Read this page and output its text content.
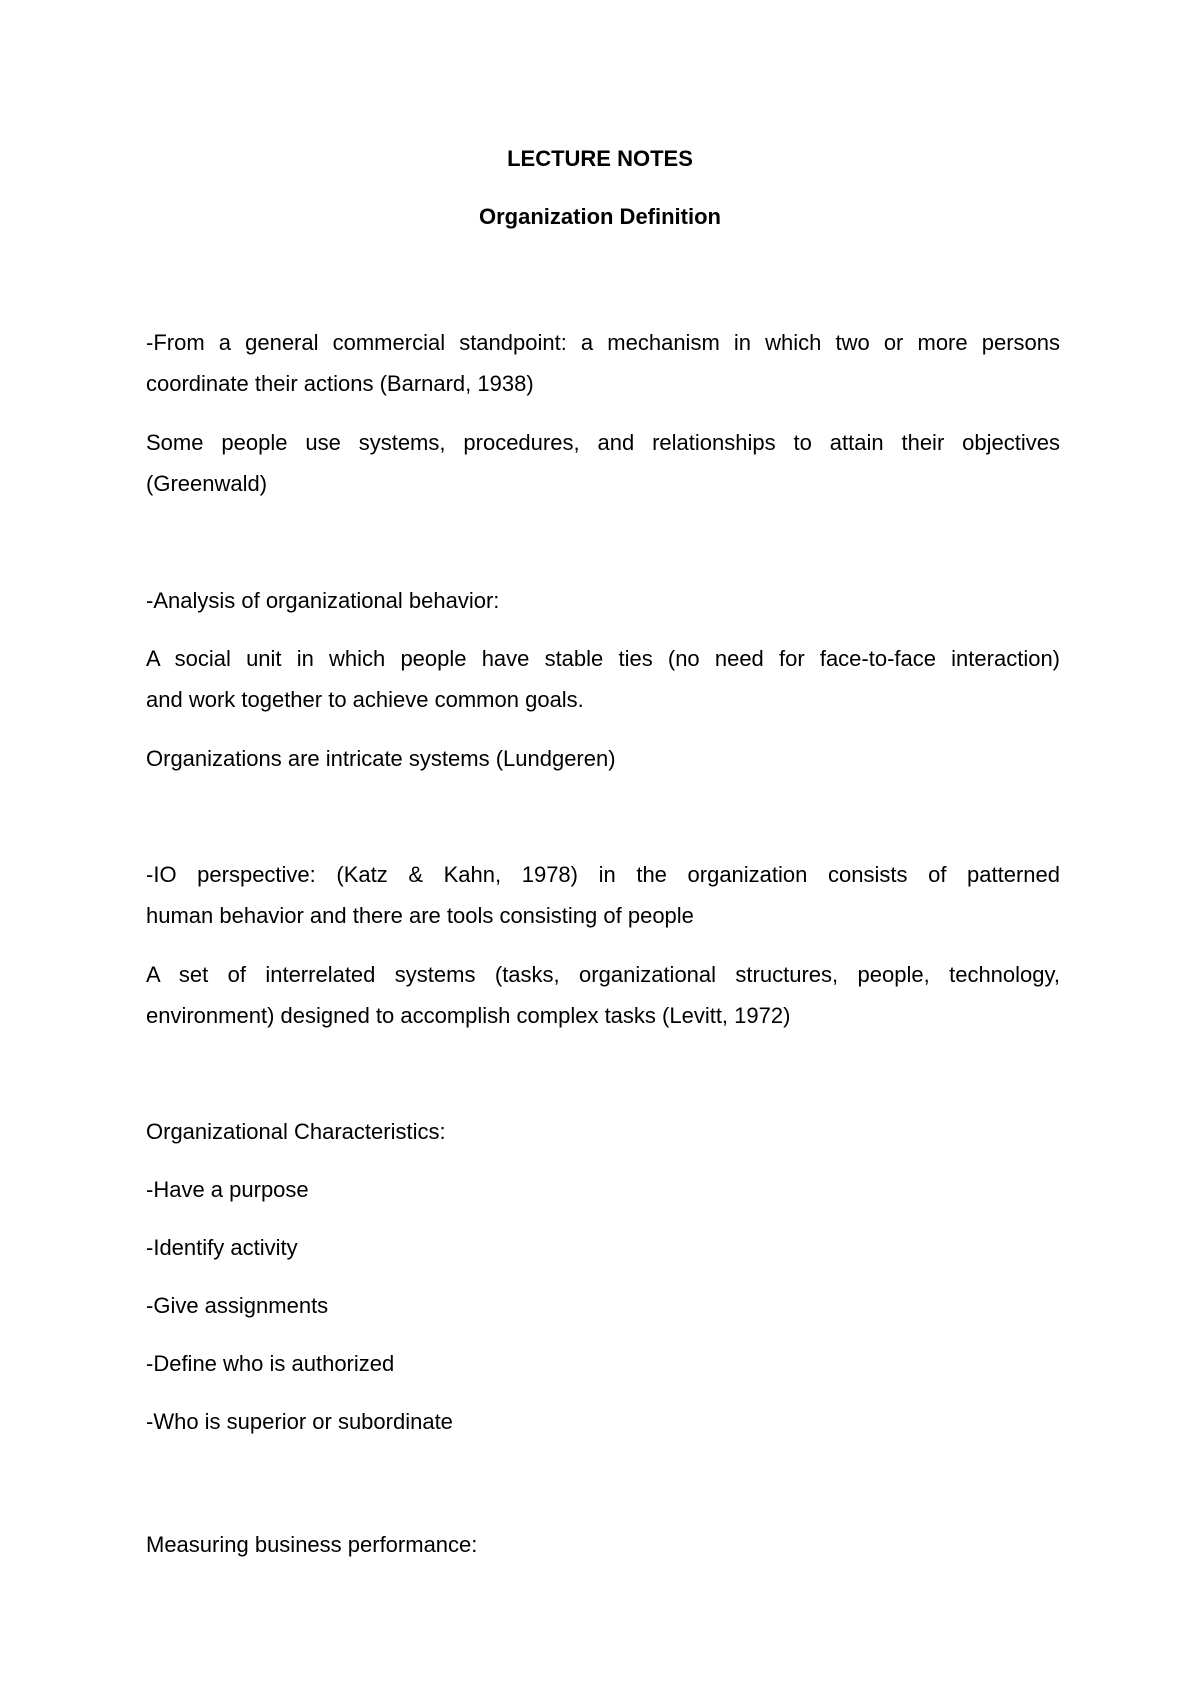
LECTURE NOTES
Organization Definition

-From a general commercial standpoint: a mechanism in which two or more persons

coordinate their actions (Barnard, 1938)

Some people use systems, procedures, and relationships to attain their objectives

(Greenwald)

-Analysis of organizational behavior:

A social unit in which people have stable ties (no need for face-to-face interaction)

and work together to achieve common goals.

Organizations are intricate systems (Lundgeren)

-IO perspective: (Katz & Kahn, 1978) in the organization consists of patterned

human behavior and there are tools consisting of people

A set of interrelated systems (tasks, organizational structures, people, technology,

environment) designed to accomplish complex tasks (Levitt, 1972)

Organizational Characteristics:

-Have a purpose

-Identify activity

-Give assignments

-Define who is authorized

-Who is superior or subordinate

Measuring business performance:
